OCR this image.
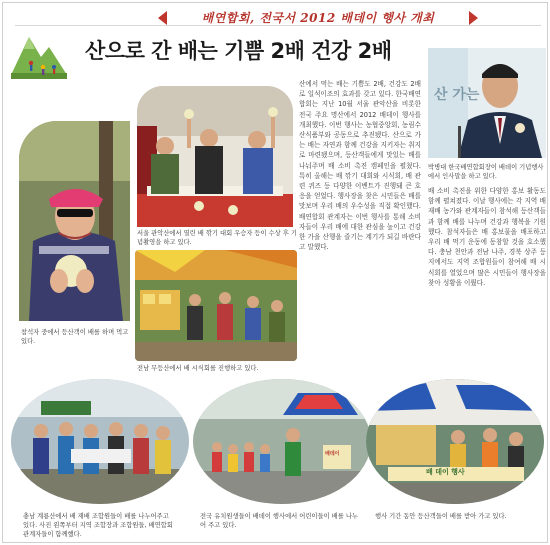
배연합회, 전국서 2012 배데이 행사 개최
산으로 간 배는 기쁨 2배 건강 2배
참석자 중에서 등산객이 배를 하며 먹고 있다.
서울 관악산에서 열린 배 깎기 대회 우승자 등이 수상 후 기념촬영을 하고 있다.
전남 무등산에서 배 시식회를 진행하고 있다.
산 가는
박병대 한국배연합회장이 배데이 기념행사에서 인사말을 하고 있다.
산에서 먹는 배는 기쁨도 2배, 건강도 2배로 일석이조의 효과를 갖고 있다. 한국배연합회는 지난 10월 서울 관악산을 비롯한 전국 주요 명산에서 2012 배데이 행사를 개최했다. 이번 행사는 농협중앙회, 농림수산식품부와 공동으로 추진됐다. 산으로 가는 배는 자연과 함께 건강을 지키자는 취지로 마련됐으며, 등산객들에게 맛있는 배를 나눠주며 배 소비 촉진 캠페인을 펼쳤다. 특히 올해는 배 깎기 대회와 시식회, 배 관련 퀴즈 등 다양한 이벤트가 진행돼 큰 호응을 얻었다. 행사장을 찾은 시민들은 배를 맛보며 우리 배의 우수성을 직접 확인했다. 배연합회 관계자는 이번 행사를 통해 소비자들이 우리 배에 대한 관심을 높이고 건강한 가을 산행을 즐기는 계기가 되길 바란다고 말했다.
배 소비 촉진을 위한 다양한 홍보 활동도 함께 펼쳐졌다. 이날 행사에는 각 지역 배 재배 농가와 관계자들이 참석해 등산객들과 함께 배를 나누며 건강과 행복을 기원했다. 참석자들은 배 홍보물을 배포하고 우리 배 먹기 운동에 동참할 것을 호소했다. 충남 천안과 전남 나주, 경북 상주 등지에서도 지역 조합원들이 참여해 배 시식회를 열었으며 많은 시민들이 행사장을 찾아 성황을 이뤘다.
배데이
배 데이 행사
충남 계룡산에서 배 재배 조합원들이 배를 나누어주고 있다. 사진 왼쪽부터 지역 조합장과 조합원들, 배연합회 관계자들이 함께했다.
전국 유치원생들이 배데이 행사에서 어린이들이 배를 나누어 주고 있다.
행사 기간 동안 등산객들이 배를 받아 가고 있다.
